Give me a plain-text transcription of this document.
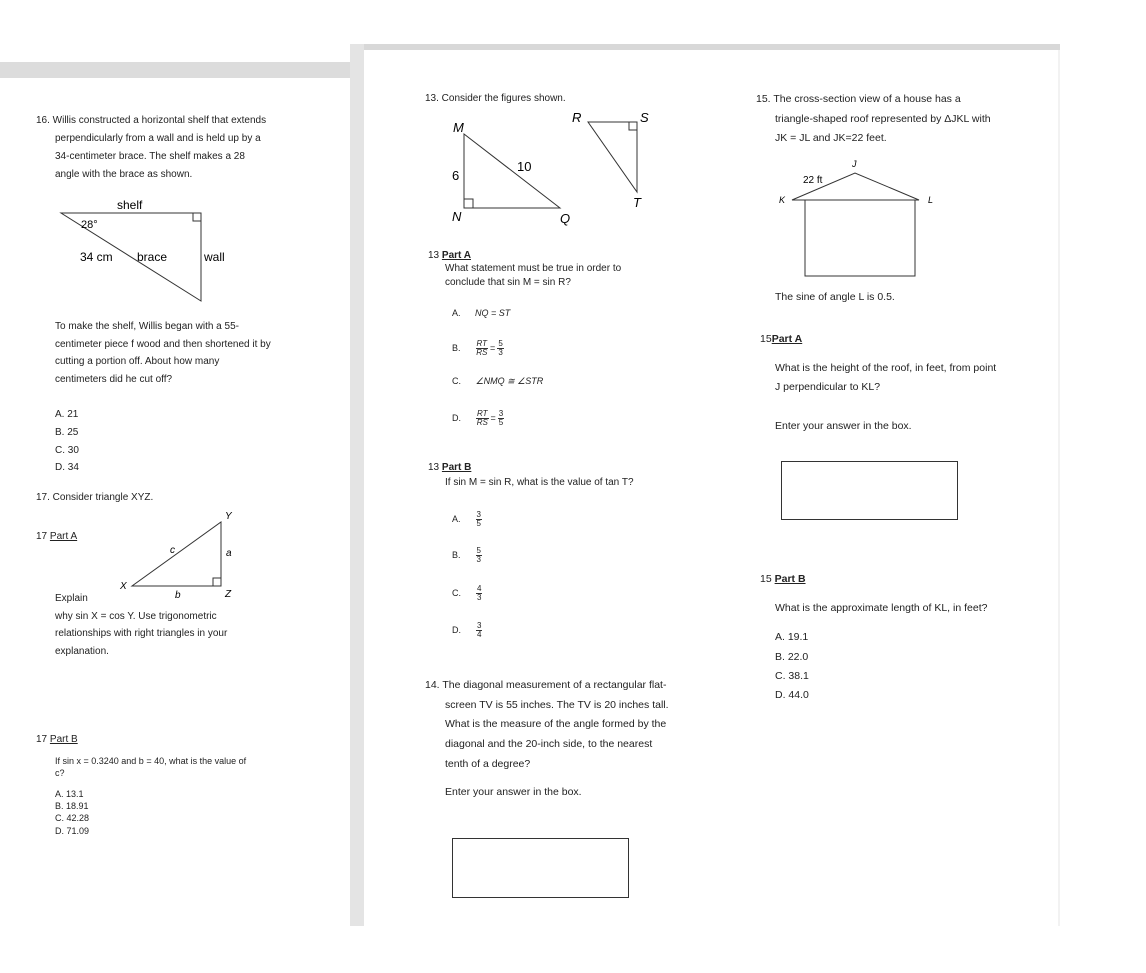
16. Willis constructed a horizontal shelf that extends
perpendicularly from a wall and is held up by a
34-centimeter brace. The shelf makes a 28
angle with the brace as shown.
shelf
28°
34 cm brace	wall
To make the shelf, Willis began with a 55-
centimeter piece f wood and then shortened it by
cutting a portion off. About how many
centimeters did he cut off?
A. 21
B. 25
C. 30
D. 34
17. Consider triangle XYZ.
17 Part A
Y
X
Z
a
b
c
Explain
why sin X = cos Y. Use trigonometric
relationships with right triangles in your
explanation.
17 Part B
If sin x = 0.3240 and b = 40, what is the value of
c?
A. 13.1
B. 18.91
C. 42.28
D. 71.09
13. Consider the figures shown.
M
N	Q
6
10
R	S
T
13 Part A
What statement must be true in order to
conclude that sin M = sin R?
A. NQ = ST
B. $\frac{RT}{RS} = \frac{5}{3}$
C. ∠NMQ ≅ ∠STR
D. $\frac{RT}{RS} = \frac{3}{5}$
13 Part B
If sin M = sin R, what is the value of tan T?
A. $\frac{3}{5}$
B. $\frac{5}{3}$
C. $\frac{4}{3}$
D. $\frac{3}{4}$
14. The diagonal measurement of a rectangular flat-
screen TV is 55 inches. The TV is 20 inches tall.
What is the measure of the angle formed by the
diagonal and the 20-inch side, to the nearest
tenth of a degree?
Enter your answer in the box.
15. The cross-section view of a house has a
triangle-shaped roof represented by ΔJKL with
JK = JL and JK=22 feet.
J
K	L
22 ft
The sine of angle L is 0.5.
15Part A
What is the height of the roof, in feet, from point
J perpendicular to KL?
Enter your answer in the box.
15 Part B
What is the approximate length of KL, in feet?
A. 19.1
B. 22.0
C. 38.1
D. 44.0
